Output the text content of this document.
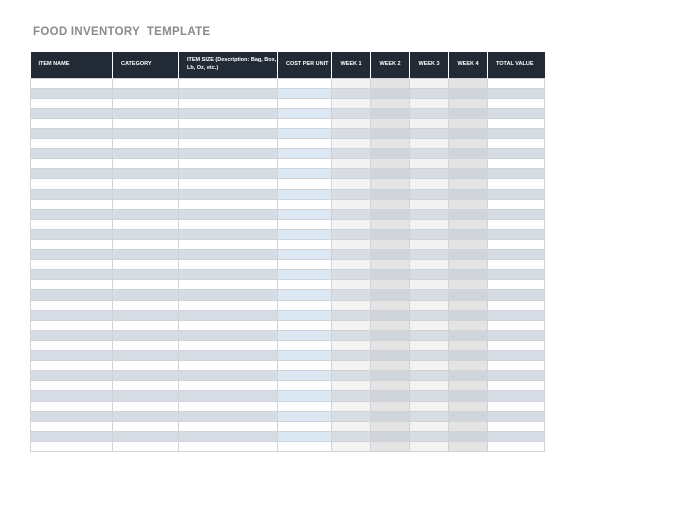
FOOD INVENTORY  TEMPLATE
ITEM NAME	CATEGORY	ITEM SIZE (Description: Bag, Box, Lb, Oz, etc.)	COST PER UNIT	WEEK 1	WEEK 2	WEEK 3	WEEK 4	TOTAL VALUE
